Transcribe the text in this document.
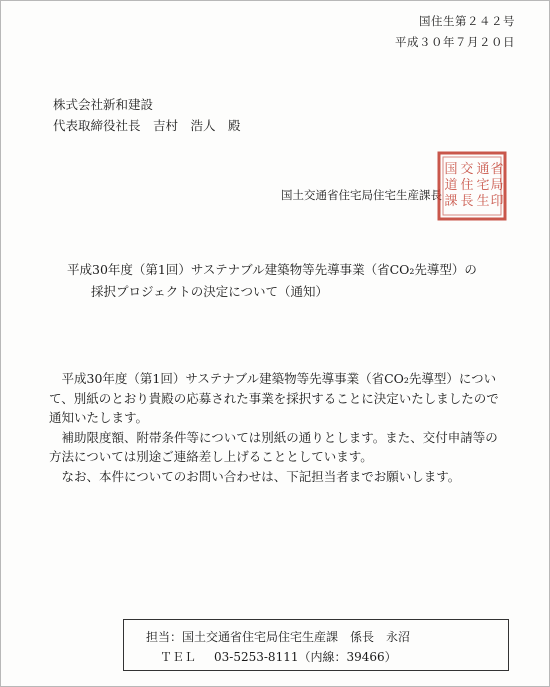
国住生第２４２号
平成３０年７月２０日
株式会社新和建設
代表取締役社長　吉村　浩人　殿
国土交通省住宅局住宅生産課長
国
道
課
交
住
長
通
宅
生
省
局
印
平成30年度（第1回）サステナブル建築物等先導事業（省CO₂先導型）の
採択プロジェクトの決定について（通知）

平成30年度（第1回）サステナブル建築物等先導事業（省CO₂先導型）について、別紙のとおり貴殿の応募された事業を採択することに決定いたしましたので通知いたします。

補助限度額、附帯条件等については別紙の通りとします。また、交付申請等の方法については別途ご連絡差し上げることとしています。

なお、本件についてのお問い合わせは、下記担当者までお願いします。

担当：国土交通省住宅局住宅生産課　係長　永沼
ＴＥＬ 03-5253-8111（内線：39466）
